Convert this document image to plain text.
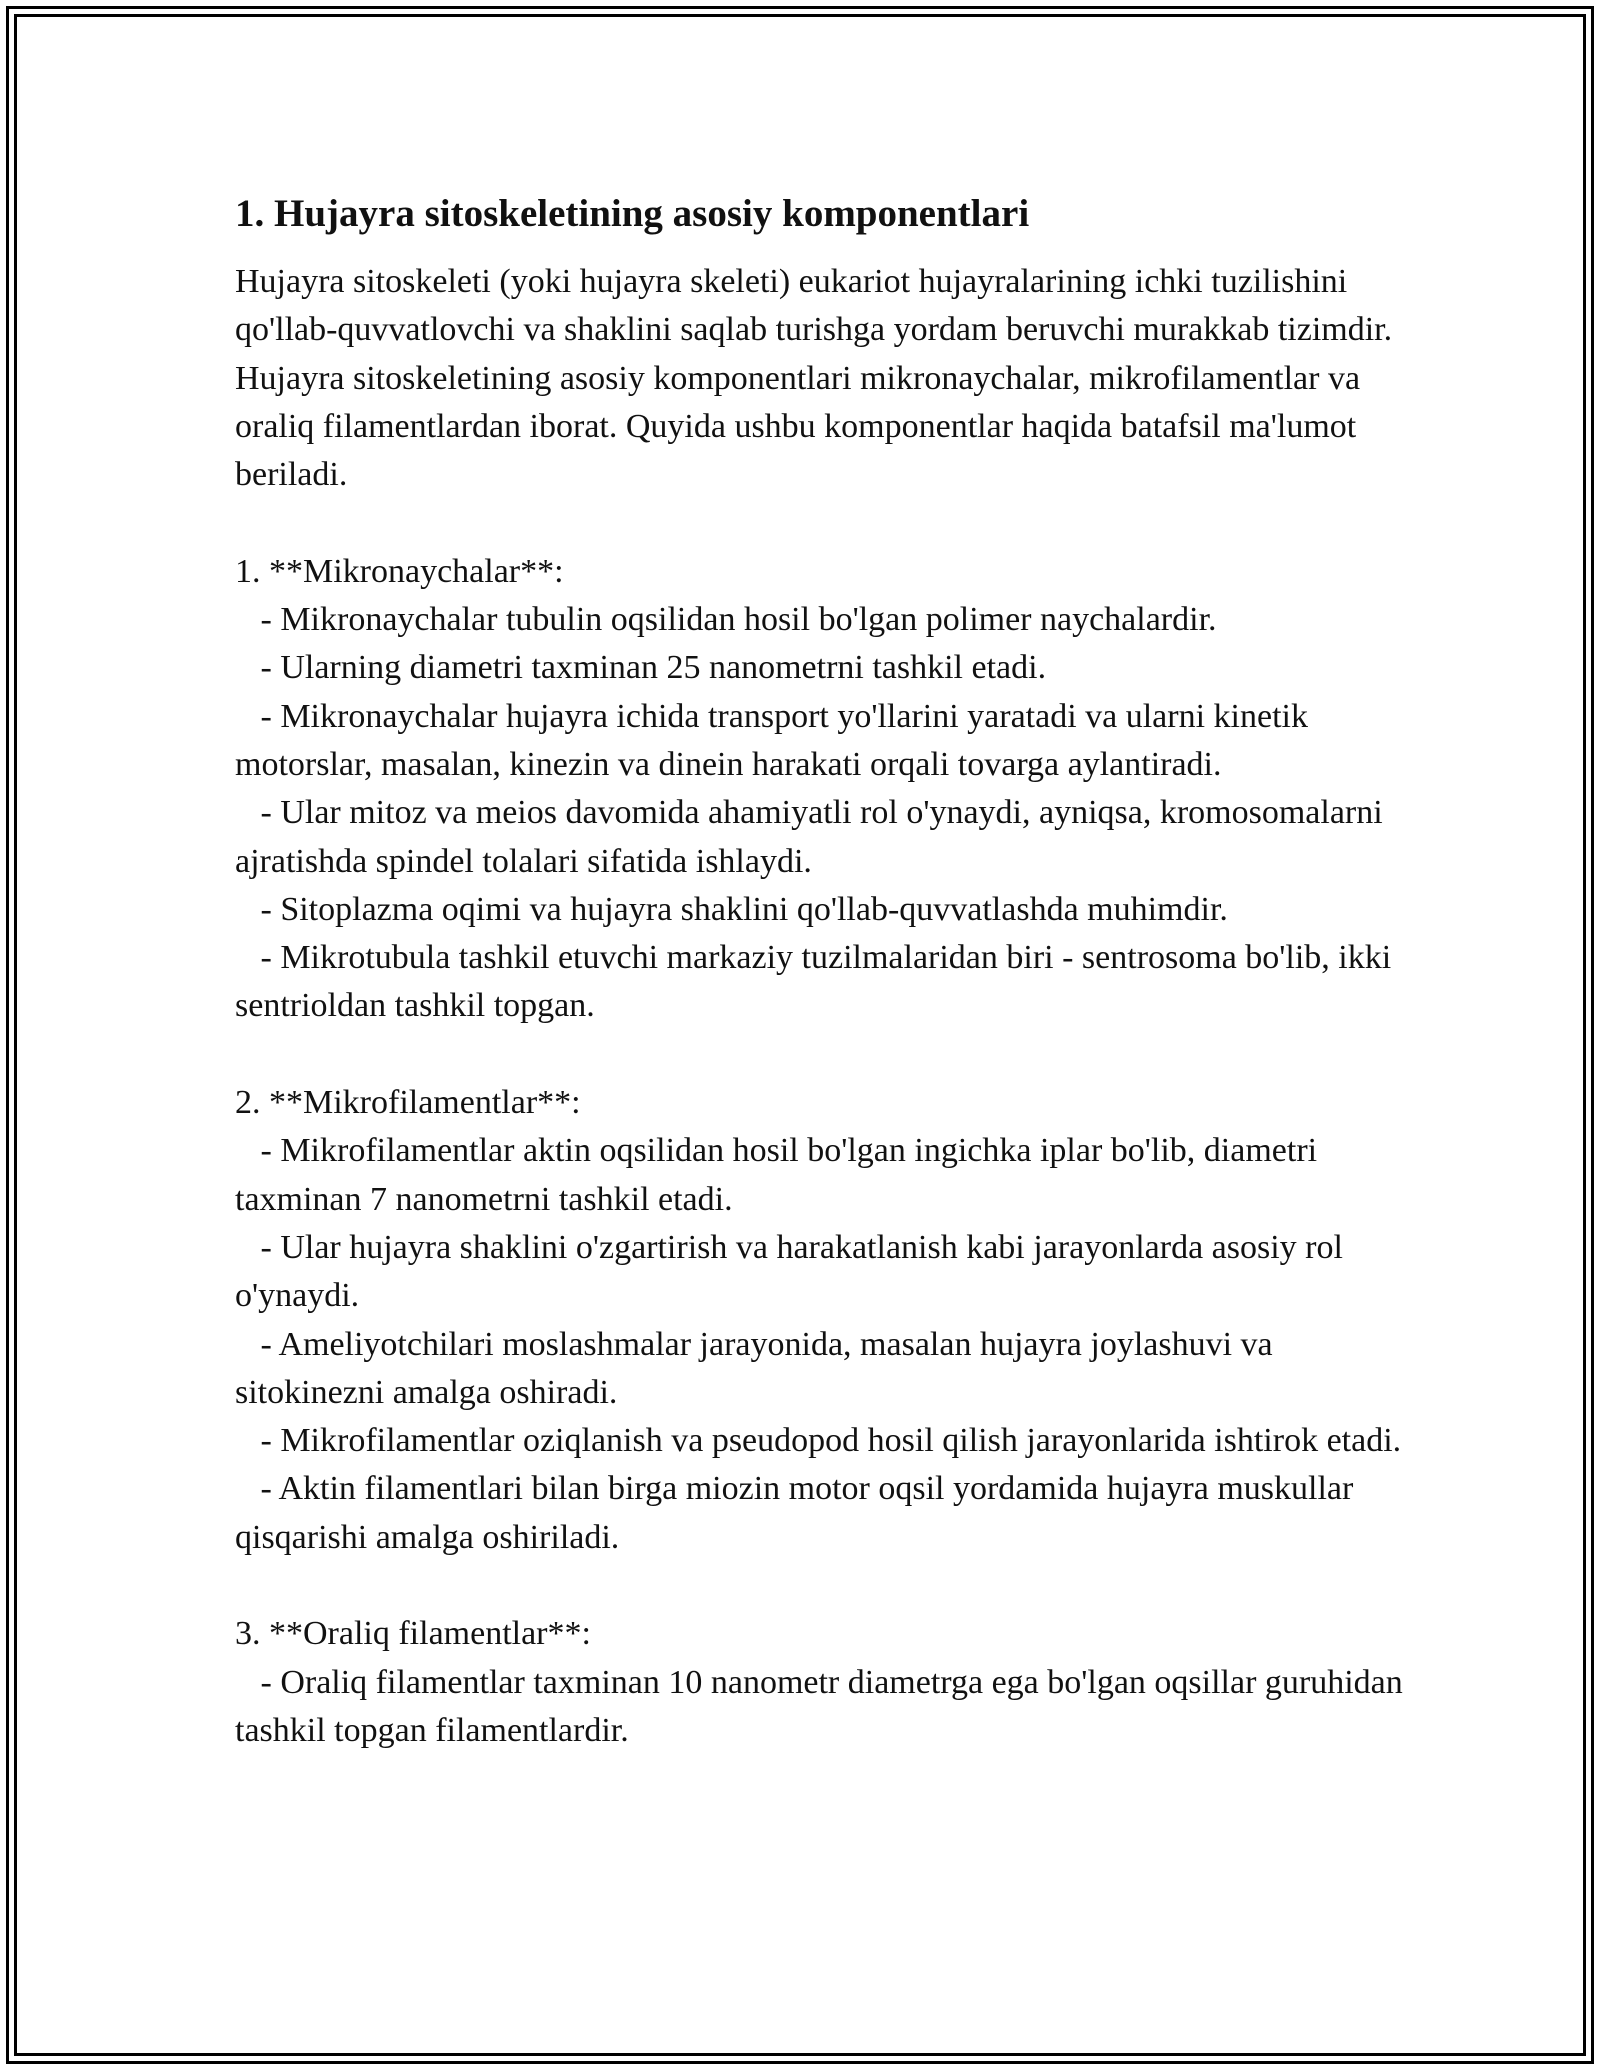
1. Hujayra sitoskeletining asosiy komponentlari

Hujayra sitoskeleti (yoki hujayra skeleti) eukariot hujayralarining ichki tuzilishini qo'llab-quvvatlovchi va shaklini saqlab turishga yordam beruvchi murakkab tizimdir. Hujayra sitoskeletining asosiy komponentlari mikronaychalar, mikrofilamentlar va oraliq filamentlardan iborat. Quyida ushbu komponentlar haqida batafsil ma'lumot beriladi.

1. **Mikronaychalar**:

- Mikronaychalar tubulin oqsilidan hosil bo'lgan polimer naychalardir.

- Ularning diametri taxminan 25 nanometrni tashkil etadi.

- Mikronaychalar hujayra ichida transport yo'llarini yaratadi va ularni kinetik motorslar, masalan, kinezin va dinein harakati orqali tovarga aylantiradi.

- Ular mitoz va meios davomida ahamiyatli rol o'ynaydi, ayniqsa, kromosomalarni ajratishda spindel tolalari sifatida ishlaydi.

- Sitoplazma oqimi va hujayra shaklini qo'llab-quvvatlashda muhimdir.

- Mikrotubula tashkil etuvchi markaziy tuzilmalaridan biri - sentrosoma bo'lib, ikki sentrioldan tashkil topgan.

2. **Mikrofilamentlar**:

- Mikrofilamentlar aktin oqsilidan hosil bo'lgan ingichka iplar bo'lib, diametri taxminan 7 nanometrni tashkil etadi.

- Ular hujayra shaklini o'zgartirish va harakatlanish kabi jarayonlarda asosiy rol o'ynaydi.

- Ameliyotchilari moslashmalar jarayonida, masalan hujayra joylashuvi va sitokinezni amalga oshiradi.

- Mikrofilamentlar oziqlanish va pseudopod hosil qilish jarayonlarida ishtirok etadi.

- Aktin filamentlari bilan birga miozin motor oqsil yordamida hujayra muskullar qisqarishi amalga oshiriladi.

3. **Oraliq filamentlar**:

- Oraliq filamentlar taxminan 10 nanometr diametrga ega bo'lgan oqsillar guruhidan tashkil topgan filamentlardir.
